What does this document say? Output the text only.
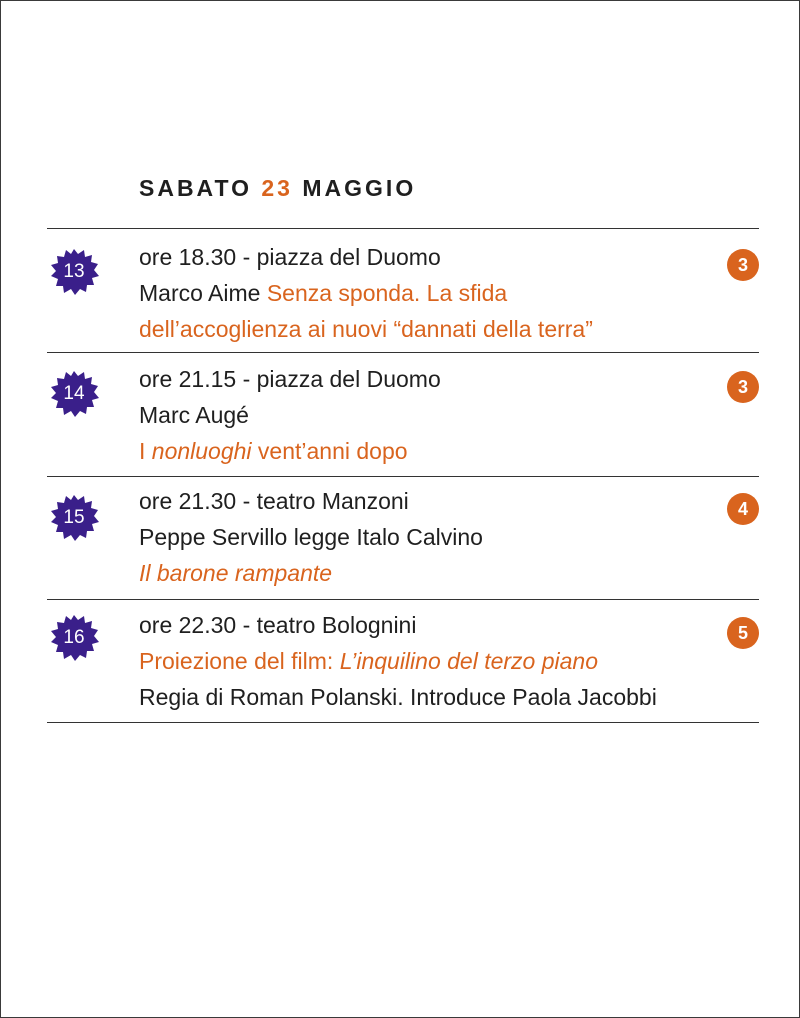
SABATO 23 MAGGIO
13
ore 18.30 - piazza del Duomo
Marco Aime Senza sponda. La sfida
dell’accoglienza ai nuovi “dannati della terra”
3
14
ore 21.15 - piazza del Duomo
Marc Augé
I nonluoghi vent’anni dopo
3
15
ore 21.30 - teatro Manzoni
Peppe Servillo legge Italo Calvino
Il barone rampante
4
16	ore 22.30 - teatro Bolognini
Proiezione del film: L’inquilino del terzo piano
Regia di Roman Polanski. Introduce Paola Jacobbi
5
